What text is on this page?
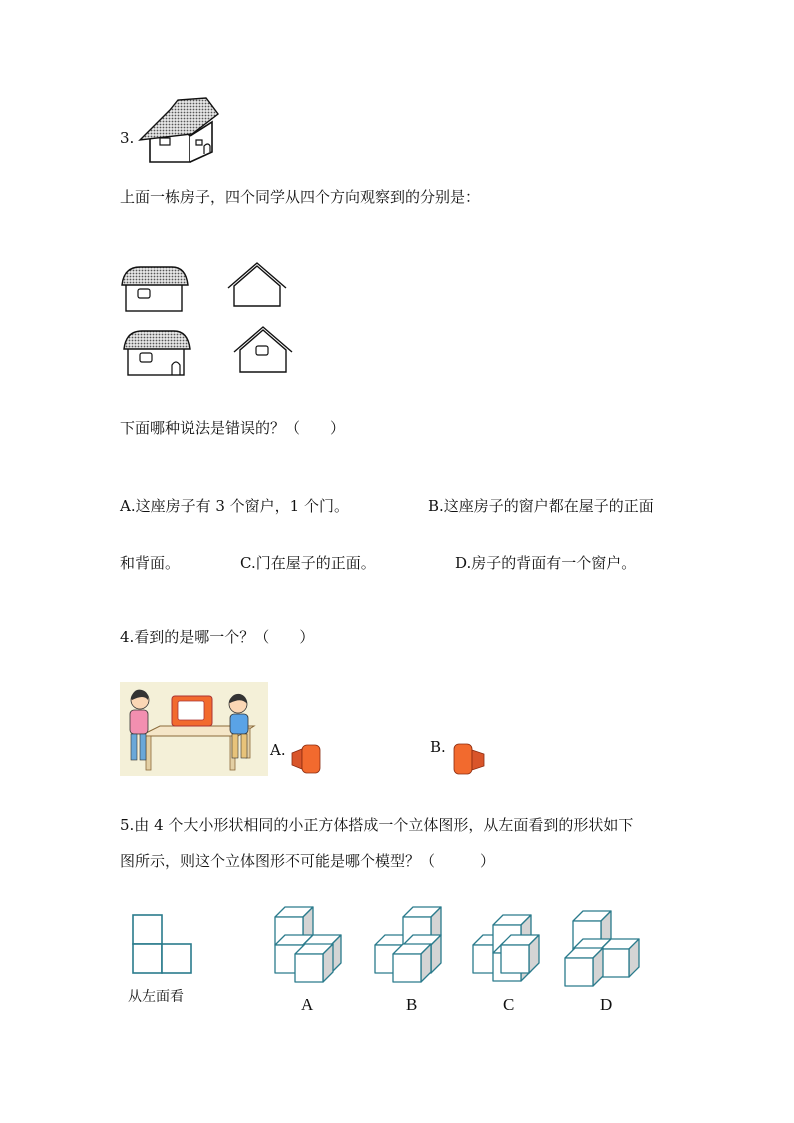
3.
上面一栋房子，四个同学从四个方向观察到的分别是：
下面哪种说法是错误的？（　　）
A.这座房子有 3 个窗户，1 个门。	B.这座房子的窗户都在屋子的正面
和背面。	C.门在屋子的正面。	D.房子的背面有一个窗户。
4.看到的是哪一个？（　　）
A.	B.
5.由 4 个大小形状相同的小正方体搭成一个立体图形，从左面看到的形状如下
图所示，则这个立体图形不可能是哪个模型？（　　　）
从左面看	A	B	C	D
